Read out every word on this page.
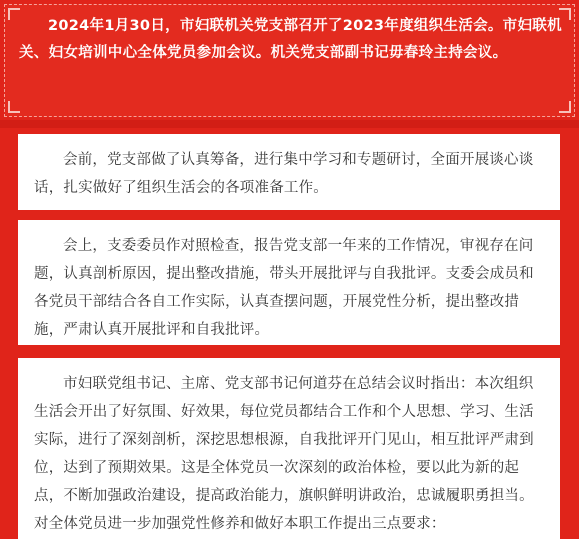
2024年1月30日，市妇联机关党支部召开了2023年度组织生活会。市妇联机关、妇女培训中心全体党员参加会议。机关党支部副书记毋春玲主持会议。

会前，党支部做了认真筹备，进行集中学习和专题研讨，全面开展谈心谈话，扎实做好了组织生活会的各项准备工作。

会上，支委委员作对照检查，报告党支部一年来的工作情况，审视存在问题，认真剖析原因，提出整改措施，带头开展批评与自我批评。支委会成员和各党员干部结合各自工作实际，认真查摆问题，开展党性分析，提出整改措施，严肃认真开展批评和自我批评。

市妇联党组书记、主席、党支部书记何道芬在总结会议时指出：本次组织生活会开出了好氛围、好效果，每位党员都结合工作和个人思想、学习、生活实际，进行了深刻剖析，深挖思想根源，自我批评开门见山，相互批评严肃到位，达到了预期效果。这是全体党员一次深刻的政治体检，要以此为新的起点，不断加强政治建设，提高政治能力，旗帜鲜明讲政治，忠诚履职勇担当。对全体党员进一步加强党性修养和做好本职工作提出三点要求：
